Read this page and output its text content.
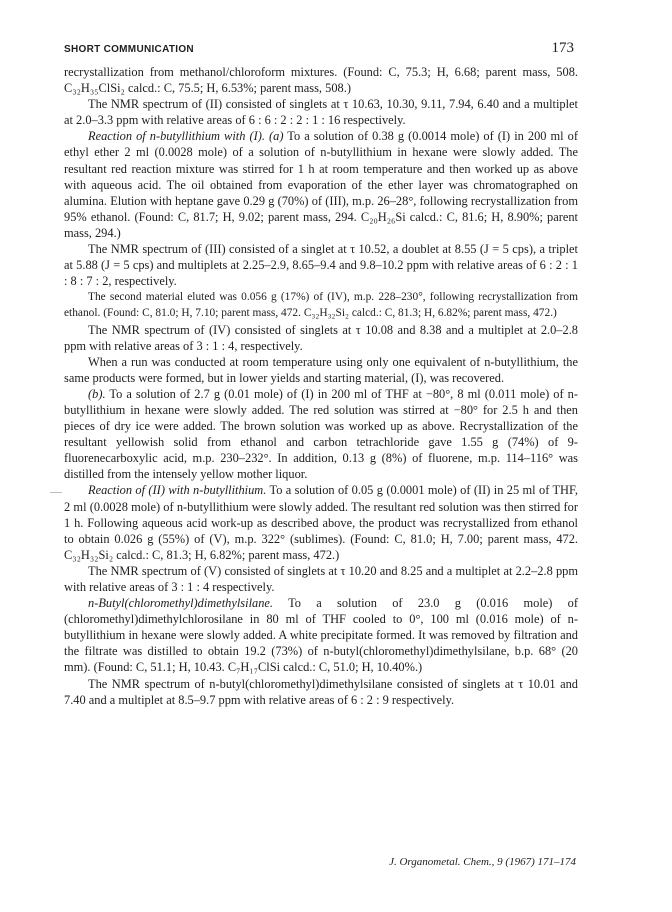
SHORT COMMUNICATION	173

recrystallization from methanol/chloroform mixtures. (Found: C, 75.3; H, 6.68; parent mass, 508. C₃₂H₃₅ClSi₂ calcd.: C, 75.5; H, 6.53%; parent mass, 508.)

The NMR spectrum of (II) consisted of singlets at τ 10.63, 10.30, 9.11, 7.94, 6.40 and a multiplet at 2.0–3.3 ppm with relative areas of 6 : 6 : 2 : 2 : 1 : 16 respectively.

Reaction of n-butyllithium with (I). (a) To a solution of 0.38 g (0.0014 mole) of (I) in 200 ml of ethyl ether 2 ml (0.0028 mole) of a solution of n-butyllithium in hexane were slowly added. The resultant red reaction mixture was stirred for 1 h at room temperature and then worked up as above with aqueous acid. The oil obtained from evaporation of the ether layer was chromatographed on alumina. Elution with heptane gave 0.29 g (70%) of (III), m.p. 26–28°, following recrystallization from 95% ethanol. (Found: C, 81.7; H, 9.02; parent mass, 294. C₂₀H₂₆Si calcd.: C, 81.6; H, 8.90%; parent mass, 294.)

The NMR spectrum of (III) consisted of a singlet at τ 10.52, a doublet at 8.55 (J = 5 cps), a triplet at 5.88 (J = 5 cps) and multiplets at 2.25–2.9, 8.65–9.4 and 9.8–10.2 ppm with relative areas of 6 : 2 : 1 : 8 : 7 : 2, respectively.

The second material eluted was 0.056 g (17%) of (IV), m.p. 228–230°, following recrystallization from ethanol. (Found: C, 81.0; H, 7.10; parent mass, 472. C₃₂H₃₂Si₂ calcd.: C, 81.3; H, 6.82%; parent mass, 472.)

The NMR spectrum of (IV) consisted of singlets at τ 10.08 and 8.38 and a multiplet at 2.0–2.8 ppm with relative areas of 3 : 1 : 4, respectively.

When a run was conducted at room temperature using only one equivalent of n-butyllithium, the same products were formed, but in lower yields and starting material, (I), was recovered.

(b). To a solution of 2.7 g (0.01 mole) of (I) in 200 ml of THF at −80°, 8 ml (0.011 mole) of n-butyllithium in hexane were slowly added. The red solution was stirred at −80° for 2.5 h and then pieces of dry ice were added. The brown solution was worked up as above. Recrystallization of the resultant yellowish solid from ethanol and carbon tetrachloride gave 1.55 g (74%) of 9-fluorenecarboxylic acid, m.p. 230–232°. In addition, 0.13 g (8%) of fluorene, m.p. 114–116° was distilled from the intensely yellow mother liquor.

Reaction of (II) with n-butyllithium. To a solution of 0.05 g (0.0001 mole) of (II) in 25 ml of THF, 2 ml (0.0028 mole) of n-butyllithium were slowly added. The resultant red solution was then stirred for 1 h. Following aqueous acid work-up as described above, the product was recrystallized from ethanol to obtain 0.026 g (55%) of (V), m.p. 322° (sublimes). (Found: C, 81.0; H, 7.00; parent mass, 472. C₃₂H₃₂Si₂ calcd.: C, 81.3; H, 6.82%; parent mass, 472.)

The NMR spectrum of (V) consisted of singlets at τ 10.20 and 8.25 and a multiplet at 2.2–2.8 ppm with relative areas of 3 : 1 : 4 respectively.

n-Butyl(chloromethyl)dimethylsilane. To a solution of 23.0 g (0.016 mole) of (chloromethyl)dimethylchlorosilane in 80 ml of THF cooled to 0°, 100 ml (0.016 mole) of n-butyllithium in hexane were slowly added. A white precipitate formed. It was removed by filtration and the filtrate was distilled to obtain 19.2 (73%) of n-butyl(chloromethyl)dimethylsilane, b.p. 68° (20 mm). (Found: C, 51.1; H, 10.43. C₇H₁₇ClSi calcd.: C, 51.0; H, 10.40%.)

The NMR spectrum of n-butyl(chloromethyl)dimethylsilane consisted of singlets at τ 10.01 and 7.40 and a multiplet at 8.5–9.7 ppm with relative areas of 6 : 2 : 9 respectively.

J. Organometal. Chem., 9 (1967) 171–174
